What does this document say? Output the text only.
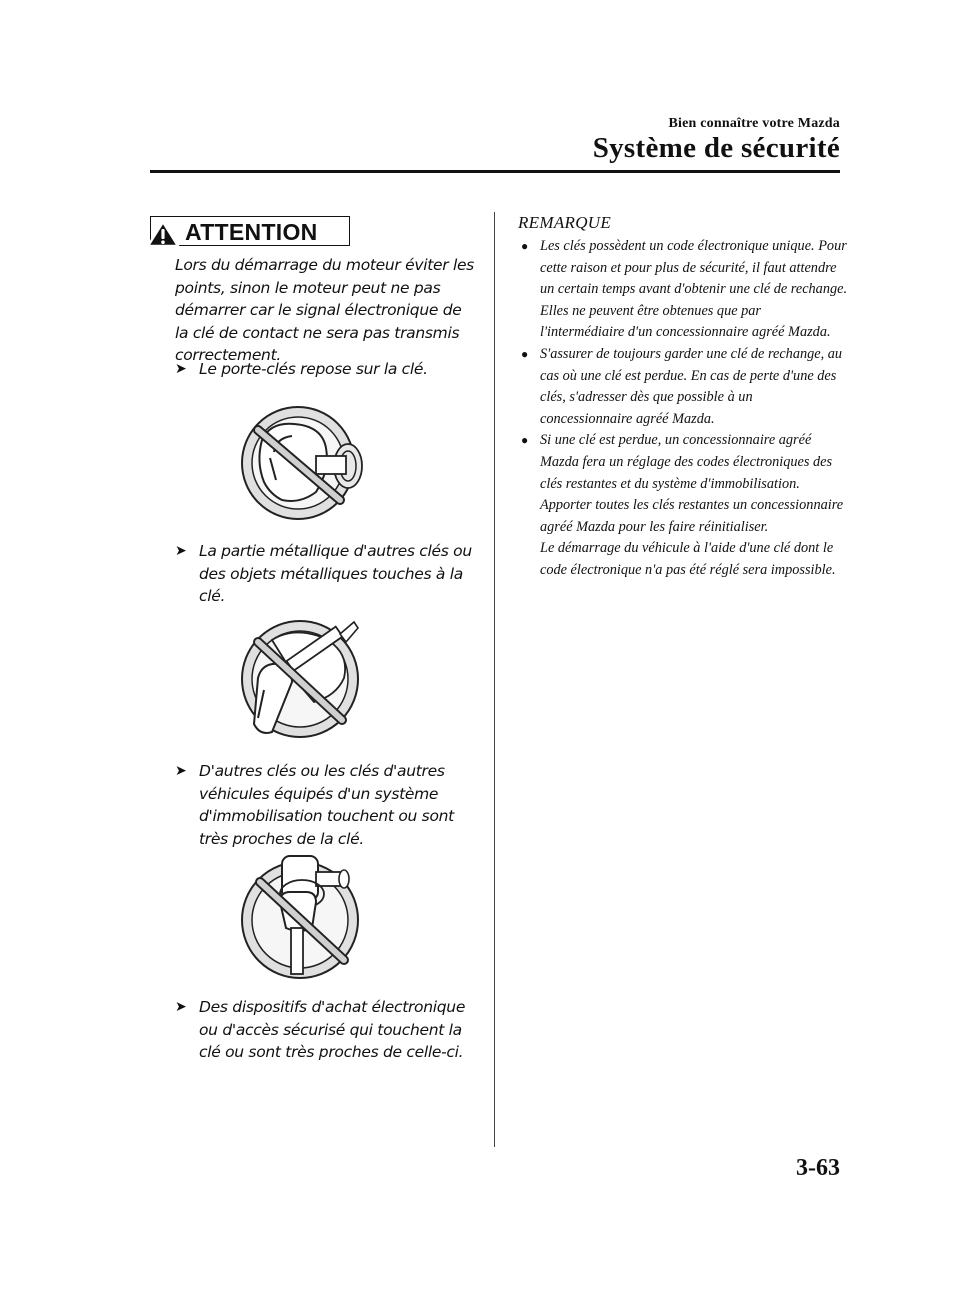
Bien connaître votre Mazda
Système de sécurité
ATTENTION
Lors du démarrage du moteur éviter les points, sinon le moteur peut ne pas démarrer car le signal électronique de la clé de contact ne sera pas transmis correctement.
➤ Le porte-clés repose sur la clé.
➤ La partie métallique d'autres clés ou des objets métalliques touches à la clé.
➤ D'autres clés ou les clés d'autres véhicules équipés d'un système d'immobilisation touchent ou sont très proches de la clé.
➤ Des dispositifs d'achat électronique ou d'accès sécurisé qui touchent la clé ou sont très proches de celle-ci.
REMARQUE
● Les clés possèdent un code électronique unique. Pour cette raison et pour plus de sécurité, il faut attendre un certain temps avant d'obtenir une clé de rechange. Elles ne peuvent être obtenues que par l'intermédiaire d'un concessionnaire agréé Mazda.
● S'assurer de toujours garder une clé de rechange, au cas où une clé est perdue. En cas de perte d'une des clés, s'adresser dès que possible à un concessionnaire agréé Mazda.
● Si une clé est perdue, un concessionnaire agréé Mazda fera un réglage des codes électroniques des clés restantes et du système d'immobilisation. Apporter toutes les clés restantes un concessionnaire agréé Mazda pour les faire réinitialiser.
Le démarrage du véhicule à l'aide d'une clé dont le code électronique n'a pas été réglé sera impossible.
3-63
